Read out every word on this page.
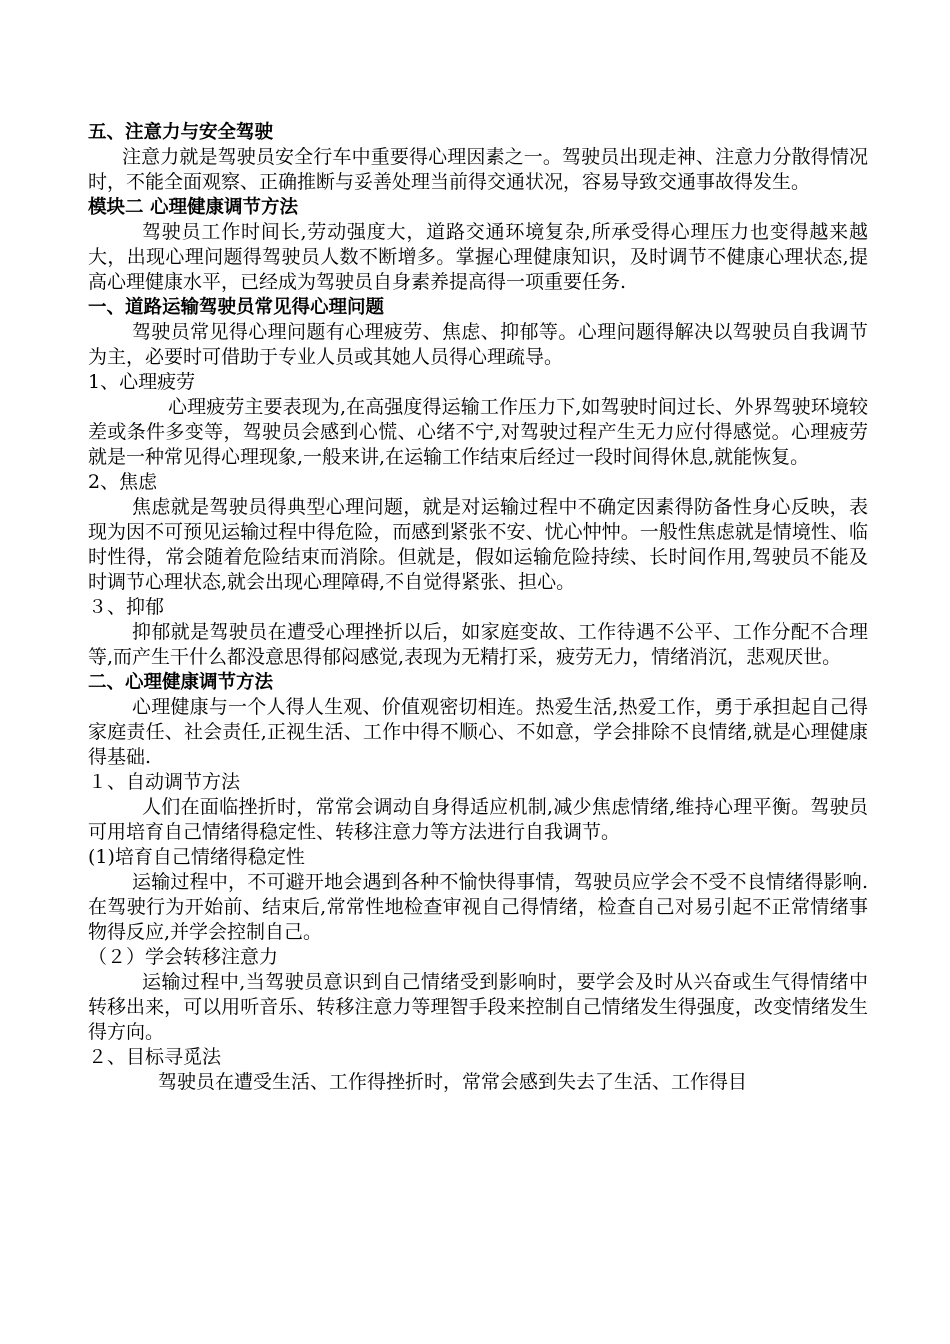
五、注意力与安全驾驶

注意力就是驾驶员安全行车中重要得心理因素之一。驾驶员出现走神、注意力分散得情况时，不能全面观察、正确推断与妥善处理当前得交通状况，容易导致交通事故得发生。

模块二 心理健康调节方法

驾驶员工作时间长,劳动强度大，道路交通环境复杂,所承受得心理压力也变得越来越大，出现心理问题得驾驶员人数不断增多。掌握心理健康知识，及时调节不健康心理状态,提高心理健康水平，已经成为驾驶员自身素养提高得一项重要任务.

一、道路运输驾驶员常见得心理问题

驾驶员常见得心理问题有心理疲劳、焦虑、抑郁等。心理问题得解决以驾驶员自我调节为主，必要时可借助于专业人员或其她人员得心理疏导。

1、心理疲劳

心理疲劳主要表现为,在高强度得运输工作压力下,如驾驶时间过长、外界驾驶环境较差或条件多变等，驾驶员会感到心慌、心绪不宁,对驾驶过程产生无力应付得感觉。心理疲劳就是一种常见得心理现象,一般来讲,在运输工作结束后经过一段时间得休息,就能恢复。

2、焦虑

焦虑就是驾驶员得典型心理问题，就是对运输过程中不确定因素得防备性身心反映，表现为因不可预见运输过程中得危险，而感到紧张不安、忧心忡忡。一般性焦虑就是情境性、临时性得，常会随着危险结束而消除。但就是，假如运输危险持续、长时间作用,驾驶员不能及时调节心理状态,就会出现心理障碍,不自觉得紧张、担心。

３、抑郁

抑郁就是驾驶员在遭受心理挫折以后，如家庭变故、工作待遇不公平、工作分配不合理等,而产生干什么都没意思得郁闷感觉,表现为无精打采，疲劳无力，情绪消沉，悲观厌世。

二、心理健康调节方法

心理健康与一个人得人生观、价值观密切相连。热爱生活,热爱工作，勇于承担起自己得家庭责任、社会责任,正视生活、工作中得不顺心、不如意，学会排除不良情绪,就是心理健康得基础.

１、自动调节方法

人们在面临挫折时，常常会调动自身得适应机制,减少焦虑情绪,维持心理平衡。驾驶员可用培育自己情绪得稳定性、转移注意力等方法进行自我调节。

(1)培育自己情绪得稳定性

运输过程中，不可避开地会遇到各种不愉快得事情，驾驶员应学会不受不良情绪得影响.在驾驶行为开始前、结束后,常常性地检查审视自己得情绪，检查自己对易引起不正常情绪事物得反应,并学会控制自己。

（２）学会转移注意力

运输过程中,当驾驶员意识到自己情绪受到影响时，要学会及时从兴奋或生气得情绪中转移出来，可以用听音乐、转移注意力等理智手段来控制自己情绪发生得强度，改变情绪发生得方向。

２、目标寻觅法

驾驶员在遭受生活、工作得挫折时，常常会感到失去了生活、工作得目
